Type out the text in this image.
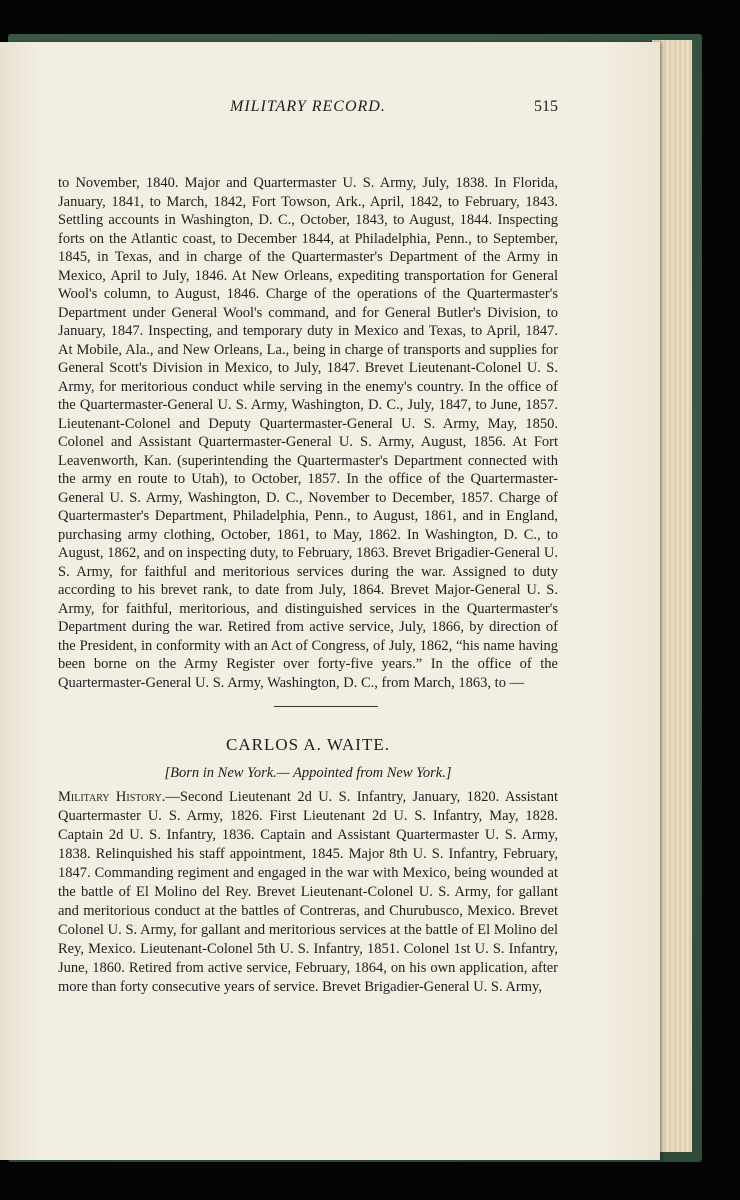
MILITARY RECORD.	515
to November, 1840. Major and Quartermaster U. S. Army, July, 1838. In Florida, January, 1841, to March, 1842, Fort Towson, Ark., April, 1842, to February, 1843. Settling accounts in Washington, D. C., October, 1843, to August, 1844. Inspecting forts on the Atlantic coast, to December 1844, at Philadelphia, Penn., to September, 1845, in Texas, and in charge of the Quartermaster's Department of the Army in Mexico, April to July, 1846. At New Orleans, expediting transportation for General Wool's column, to August, 1846. Charge of the operations of the Quartermaster's Department under General Wool's command, and for General Butler's Division, to January, 1847. Inspecting, and temporary duty in Mexico and Texas, to April, 1847. At Mobile, Ala., and New Orleans, La., being in charge of transports and supplies for General Scott's Division in Mexico, to July, 1847. Brevet Lieutenant-Colonel U. S. Army, for meritorious conduct while serving in the enemy's country. In the office of the Quartermaster-General U. S. Army, Washington, D. C., July, 1847, to June, 1857. Lieutenant-Colonel and Deputy Quartermaster-General U. S. Army, May, 1850. Colonel and Assistant Quartermaster-General U. S. Army, August, 1856. At Fort Leavenworth, Kan. (superintending the Quartermaster's Department connected with the army en route to Utah), to October, 1857. In the office of the Quartermaster-General U. S. Army, Washington, D. C., November to December, 1857. Charge of Quartermaster's Department, Philadelphia, Penn., to August, 1861, and in England, purchasing army clothing, October, 1861, to May, 1862. In Washington, D. C., to August, 1862, and on inspecting duty, to February, 1863. Brevet Brigadier-General U. S. Army, for faithful and meritorious services during the war. Assigned to duty according to his brevet rank, to date from July, 1864. Brevet Major-General U. S. Army, for faithful, meritorious, and distinguished services in the Quartermaster's Department during the war. Retired from active service, July, 1866, by direction of the President, in conformity with an Act of Congress, of July, 1862, “his name having been borne on the Army Register over forty-five years.” In the office of the Quartermaster-General U. S. Army, Washington, D. C., from March, 1863, to —
CARLOS A. WAITE.
[Born in New York.— Appointed from New York.]
Military History.—Second Lieutenant 2d U. S. Infantry, January, 1820. Assistant Quartermaster U. S. Army, 1826. First Lieutenant 2d U. S. Infantry, May, 1828. Captain 2d U. S. Infantry, 1836. Captain and Assistant Quartermaster U. S. Army, 1838. Relinquished his staff appointment, 1845. Major 8th U. S. Infantry, February, 1847. Commanding regiment and engaged in the war with Mexico, being wounded at the battle of El Molino del Rey. Brevet Lieutenant-Colonel U. S. Army, for gallant and meritorious conduct at the battles of Contreras, and Churubusco, Mexico. Brevet Colonel U. S. Army, for gallant and meritorious services at the battle of El Molino del Rey, Mexico. Lieutenant-Colonel 5th U. S. Infantry, 1851. Colonel 1st U. S. Infantry, June, 1860. Retired from active service, February, 1864, on his own application, after more than forty consecutive years of service. Brevet Brigadier-General U. S. Army,
